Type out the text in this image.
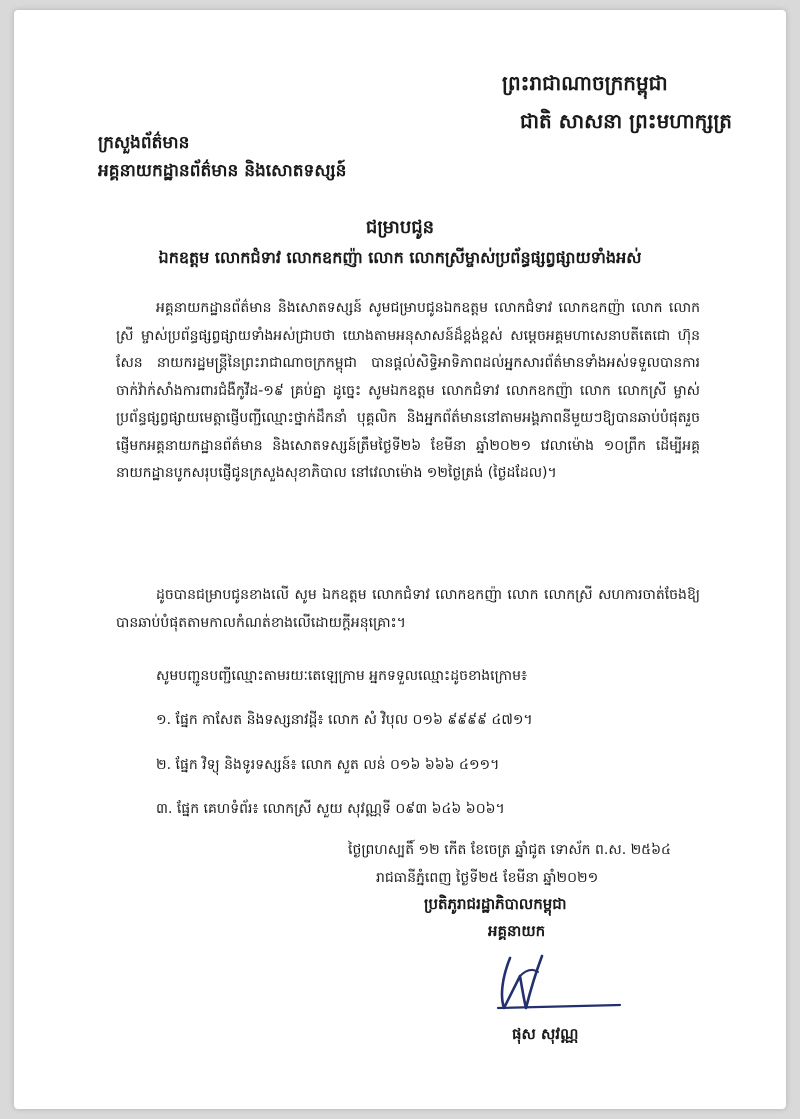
ព្រះរាជាណាចក្រកម្ពុជា
ជាតិ សាសនា ព្រះមហាក្សត្រ
ក្រសួងព័ត៌មាន
អគ្គនាយកដ្ឋានព័ត៌មាន និងសោតទស្សន៍
ជម្រាបជូន
ឯកឧត្តម លោកជំទាវ លោកឧកញ៉ា លោក លោកស្រីម្ចាស់ប្រព័ន្ធផ្សព្វផ្សាយទាំងអស់
អគ្គនាយកដ្ឋានព័ត៌មាន និងសោតទស្សន៍ សូមជម្រាបជូនឯកឧត្តម លោកជំទាវ លោកឧកញ៉ា លោក លោកស្រី ម្ចាស់ប្រព័ន្ធផ្សព្វផ្សាយទាំងអស់ជ្រាបថា យោងតាមអនុសាសន៍ដ៏ខ្ពង់ខ្ពស់ សម្តេចអគ្គមហាសេនាបតីតេជោ ហ៊ុន សែន នាយករដ្ឋមន្ត្រីនៃព្រះរាជាណាចក្រកម្ពុជា បានផ្តល់សិទ្ធិអាទិភាពដល់អ្នកសារព័ត៌មានទាំងអស់ទទួលបានការចាក់វ៉ាក់សាំងការពារជំងឺកូវីដ-១៩ គ្រប់គ្នា ដូច្នេះ សូមឯកឧត្តម លោកជំទាវ លោកឧកញ៉ា លោក លោកស្រី ម្ចាស់ប្រព័ន្ធផ្សព្វផ្សាយមេត្តាផ្ញើបញ្ជីឈ្មោះថ្នាក់ដឹកនាំ បុគ្គលិក និងអ្នកព័ត៌មាននៅតាមអង្គភាពនីមួយៗឱ្យបានឆាប់បំផុតរួចផ្ញើមកអគ្គនាយកដ្ឋានព័ត៌មាន និងសោតទស្សន៍ត្រឹមថ្ងៃទី២៦ ខែមីនា ឆ្នាំ២០២១ វេលាម៉ោង ១០ព្រឹក ដើម្បីអគ្គនាយកដ្ឋានបូកសរុបផ្ញើជូនក្រសួងសុខាភិបាល នៅវេលាម៉ោង ១២ថ្ងៃត្រង់ (ថ្ងៃដដែល)។
ដូចបានជម្រាបជូនខាងលើ សូម ឯកឧត្តម លោកជំទាវ លោកឧកញ៉ា លោក លោកស្រី សហការចាត់ចែងឱ្យបានឆាប់បំផុតតាមកាលកំណត់ខាងលើដោយក្តីអនុគ្រោះ។
សូមបញ្ជូនបញ្ជីឈ្មោះតាមរយៈតេឡេក្រាម អ្នកទទួលឈ្មោះដូចខាងក្រោម៖
១. ផ្នែក កាសែត និងទស្សនាវដ្តី៖ លោក សំ វិបុល ០១៦ ៩៩៩៩ ៤៧១។
២. ផ្នែក វិទ្យុ និងទូរទស្សន៍៖ លោក សួត លន់ ០១៦ ៦៦៦ ៤១១។
៣. ផ្នែក គេហទំព័រ៖ លោកស្រី សួយ សុវណ្ណទី ០៩៣ ៦៤៦ ៦០៦។
ថ្ងៃព្រហស្បតិ៍ ១២ កើត ខែចេត្រ ឆ្នាំជូត ទោស័ក ព.ស. ២៥៦៤
រាជធានីភ្នំពេញ ថ្ងៃទី២៥ ខែមីនា ឆ្នាំ២០២១
ប្រតិភូរាជរដ្ឋាភិបាលកម្ពុជា
អគ្គនាយក
ផុស សុវណ្ណ
